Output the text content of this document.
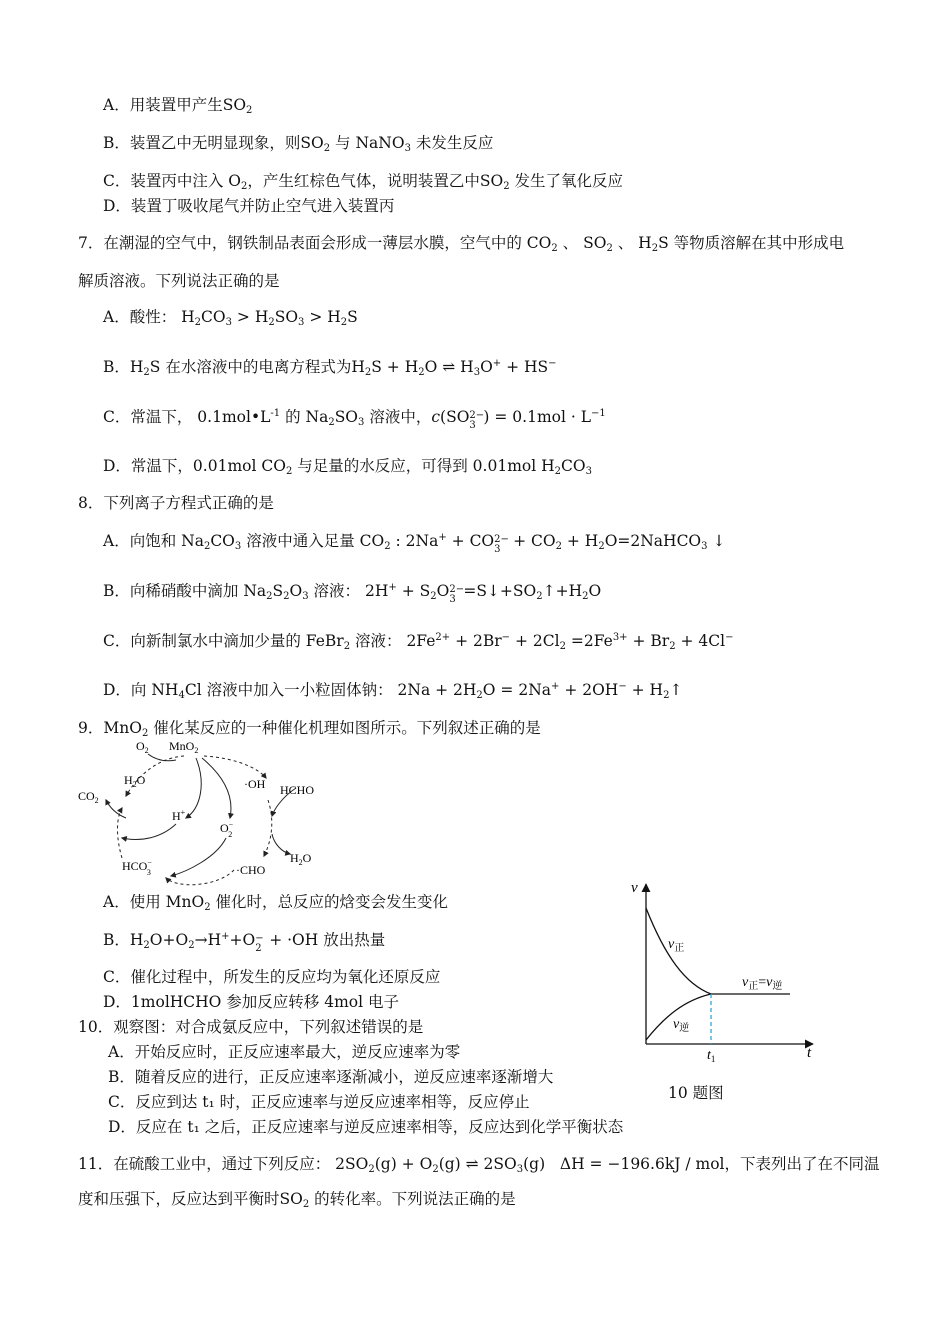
A．用装置甲产生$SO_2$
B．装置乙中无明显现象，则$SO_2$ 与 NaNO$_3$ 未发生反应
C．装置丙中注入 $O_2$，产生红棕色气体，说明装置乙中$SO_2$ 发生了氧化反应
D．装置丁吸收尾气并防止空气进入装置丙
7．在潮湿的空气中，钢铁制品表面会形成一薄层水膜，空气中的 $CO_2$ 、 $SO_2$ 、 $H_2S$ 等物质溶解在其中形成电
解质溶液。下列说法正确的是
A．酸性： $H_2CO_3 > H_2SO_3 > H_2S$
B．$H_2S$ 在水溶液中的电离方程式为$H_2S + H_2O$ ⇌ $H_3O^+ + HS^-$
C．常温下， $0.1mol•L^{-1}$ 的 $Na_2SO_3$ 溶液中，c(SO 2−
3 ) = $0.1mol \cdot L^{-1}$
D．常温下，0.01mol $CO_2$ 与足量的水反应，可得到 0.01mol $H_2CO_3$
8．下列离子方程式正确的是
A．向饱和 $Na_2CO_3$ 溶液中通入足量 $CO_2$ : 2Na+ + CO 2−
$3 + CO_2$ + $H_2O=2NaHCO_3$ ↓
B．向稀硝酸中滴加 $Na_2S_2O_3$ 溶液： $2H^+ + S_2O$ 2−
$3 =S↓+SO_2↑+H_2O$
C．向新制氯水中滴加少量的 FeBr$_2$ 溶液： $2Fe^{2+} + 2Br^- + 2Cl_2 =2Fe^{3+} + Br_2 + 4Cl^-$
D．向 $NH_4Cl$ 溶液中加入一小粒固体钠： $2Na + 2H_2O = 2Na^+ + 2OH^-$ + $H_2↑$
9．MnO$_2$ 催化某反应的一种催化机理如图所示。下列叙述正确的是
$O_2$ MnO$_2$
$H_2O$
$CO_2$
·OH HCHO
H+
O− 2
$H_2O$
HCO− 3	·CHO
A．使用 MnO$_2$ 催化时，总反应的焓变会发生变化
B．$H_2O+O_2\to H^++O$ −
2 + ·OH 放出热量
C．催化过程中，所发生的反应均为氧化还原反应
D．1molHCHO 参加反应转移 4mol 电子
10．观察图：对合成氨反应中，下列叙述错误的是
A．开始反应时，正反应速率最大，逆反应速率为零
B．随着反应的进行，正反应速率逐渐减小，逆反应速率逐渐增大
C．反应到达 t₁ 时，正反应速率与逆反应速率相等，反应停止
D．反应在 t₁ 之后，正反应速率与逆反应速率相等，反应达到化学平衡状态
v
t
$v_正$
$v_逆$
$v_正=v_逆$
$t_1$
10 题图
11．在硫酸工业中，通过下列反应： $2SO_2(g) + O_2(g)$ ⇌ $2SO_3(g) \Delta H = -196.6kJ$ / mol，下表列出了在不同温
度和压强下，反应达到平衡时$SO_2$ 的转化率。下列说法正确的是
